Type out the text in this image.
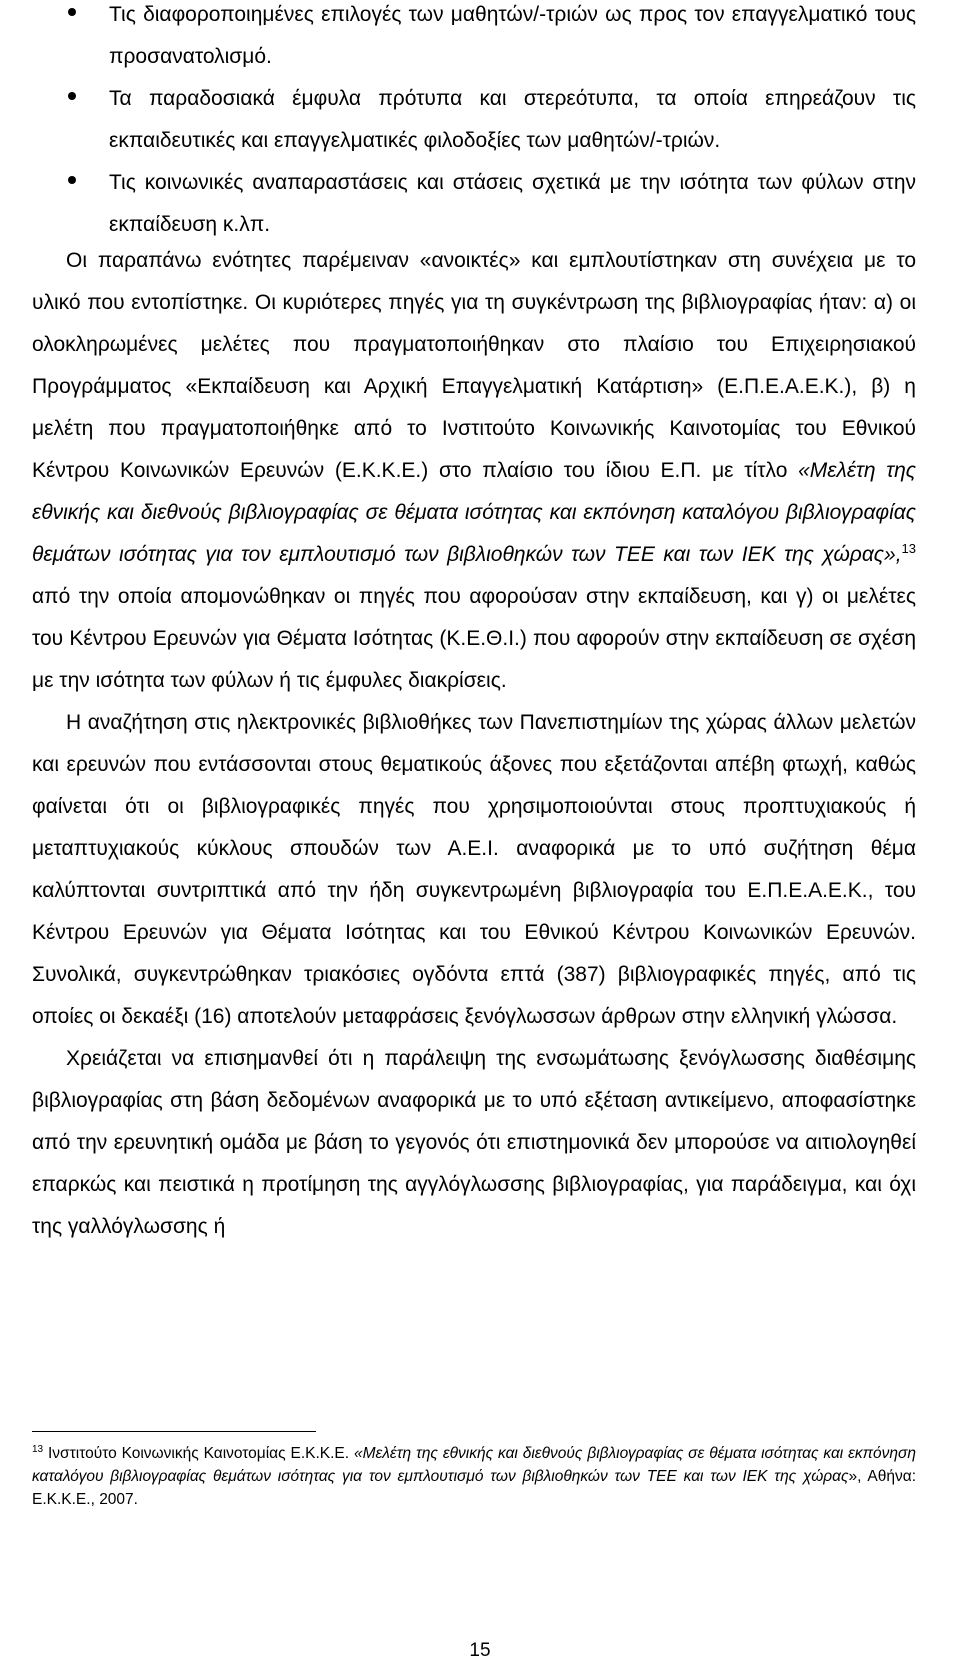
Τις διαφοροποιημένες επιλογές των μαθητών/-τριών ως προς τον επαγγελματικό τους προσανατολισμό.
Τα παραδοσιακά έμφυλα πρότυπα και στερεότυπα, τα οποία επηρεάζουν τις εκπαιδευτικές και επαγγελματικές φιλοδοξίες των μαθητών/-τριών.
Τις κοινωνικές αναπαραστάσεις και στάσεις σχετικά με την ισότητα των φύλων στην εκπαίδευση κ.λπ.

Οι παραπάνω ενότητες παρέμειναν «ανοικτές» και εμπλουτίστηκαν στη συνέχεια με το υλικό που εντοπίστηκε. Οι κυριότερες πηγές για τη συγκέντρωση της βιβλιογραφίας ήταν: α) οι ολοκληρωμένες μελέτες που πραγματοποιήθηκαν στο πλαίσιο του Επιχειρησιακού Προγράμματος «Εκπαίδευση και Αρχική Επαγγελματική Κατάρτιση» (Ε.Π.Ε.Α.Ε.Κ.), β) η μελέτη που πραγματοποιήθηκε από το Ινστιτούτο Κοινωνικής Καινοτομίας του Εθνικού Κέντρου Κοινωνικών Ερευνών (Ε.Κ.Κ.Ε.) στο πλαίσιο του ίδιου Ε.Π. με τίτλο «Μελέτη της εθνικής και διεθνούς βιβλιογραφίας σε θέματα ισότητας και εκπόνηση καταλόγου βιβλιογραφίας θεμάτων ισότητας για τον εμπλουτισμό των βιβλιοθηκών των ΤΕΕ και των ΙΕΚ της χώρας»,$^{13}$ από την οποία απομονώθηκαν οι πηγές που αφορούσαν στην εκπαίδευση, και γ) οι μελέτες του Κέντρου Ερευνών για Θέματα Ισότητας (Κ.Ε.Θ.Ι.) που αφορούν στην εκπαίδευση σε σχέση με την ισότητα των φύλων ή τις έμφυλες διακρίσεις.

Η αναζήτηση στις ηλεκτρονικές βιβλιοθήκες των Πανεπιστημίων της χώρας άλλων μελετών και ερευνών που εντάσσονται στους θεματικούς άξονες που εξετάζονται απέβη φτωχή, καθώς φαίνεται ότι οι βιβλιογραφικές πηγές που χρησιμοποιούνται στους προπτυχιακούς ή μεταπτυχιακούς κύκλους σπουδών των Α.Ε.Ι. αναφορικά με το υπό συζήτηση θέμα καλύπτονται συντριπτικά από την ήδη συγκεντρωμένη βιβλιογραφία του Ε.Π.Ε.Α.Ε.Κ., του Κέντρου Ερευνών για Θέματα Ισότητας και του Εθνικού Κέντρου Κοινωνικών Ερευνών. Συνολικά, συγκεντρώθηκαν τριακόσιες ογδόντα επτά (387) βιβλιογραφικές πηγές, από τις οποίες οι δεκαέξι (16) αποτελούν μεταφράσεις ξενόγλωσσων άρθρων στην ελληνική γλώσσα.

Χρειάζεται να επισημανθεί ότι η παράλειψη της ενσωμάτωσης ξενόγλωσσης διαθέσιμης βιβλιογραφίας στη βάση δεδομένων αναφορικά με το υπό εξέταση αντικείμενο, αποφασίστηκε από την ερευνητική ομάδα με βάση το γεγονός ότι επιστημονικά δεν μπορούσε να αιτιολογηθεί επαρκώς και πειστικά η προτίμηση της αγγλόγλωσσης βιβλιογραφίας, για παράδειγμα, και όχι της γαλλόγλωσσης ή

$^{13}$ Ινστιτούτο Κοινωνικής Καινοτομίας Ε.Κ.Κ.Ε. «Μελέτη της εθνικής και διεθνούς βιβλιογραφίας σε θέματα ισότητας και εκπόνηση καταλόγου βιβλιογραφίας θεμάτων ισότητας για τον εμπλουτισμό των βιβλιοθηκών των ΤΕΕ και των ΙΕΚ της χώρας», Αθήνα: Ε.Κ.Κ.Ε., 2007.
15
